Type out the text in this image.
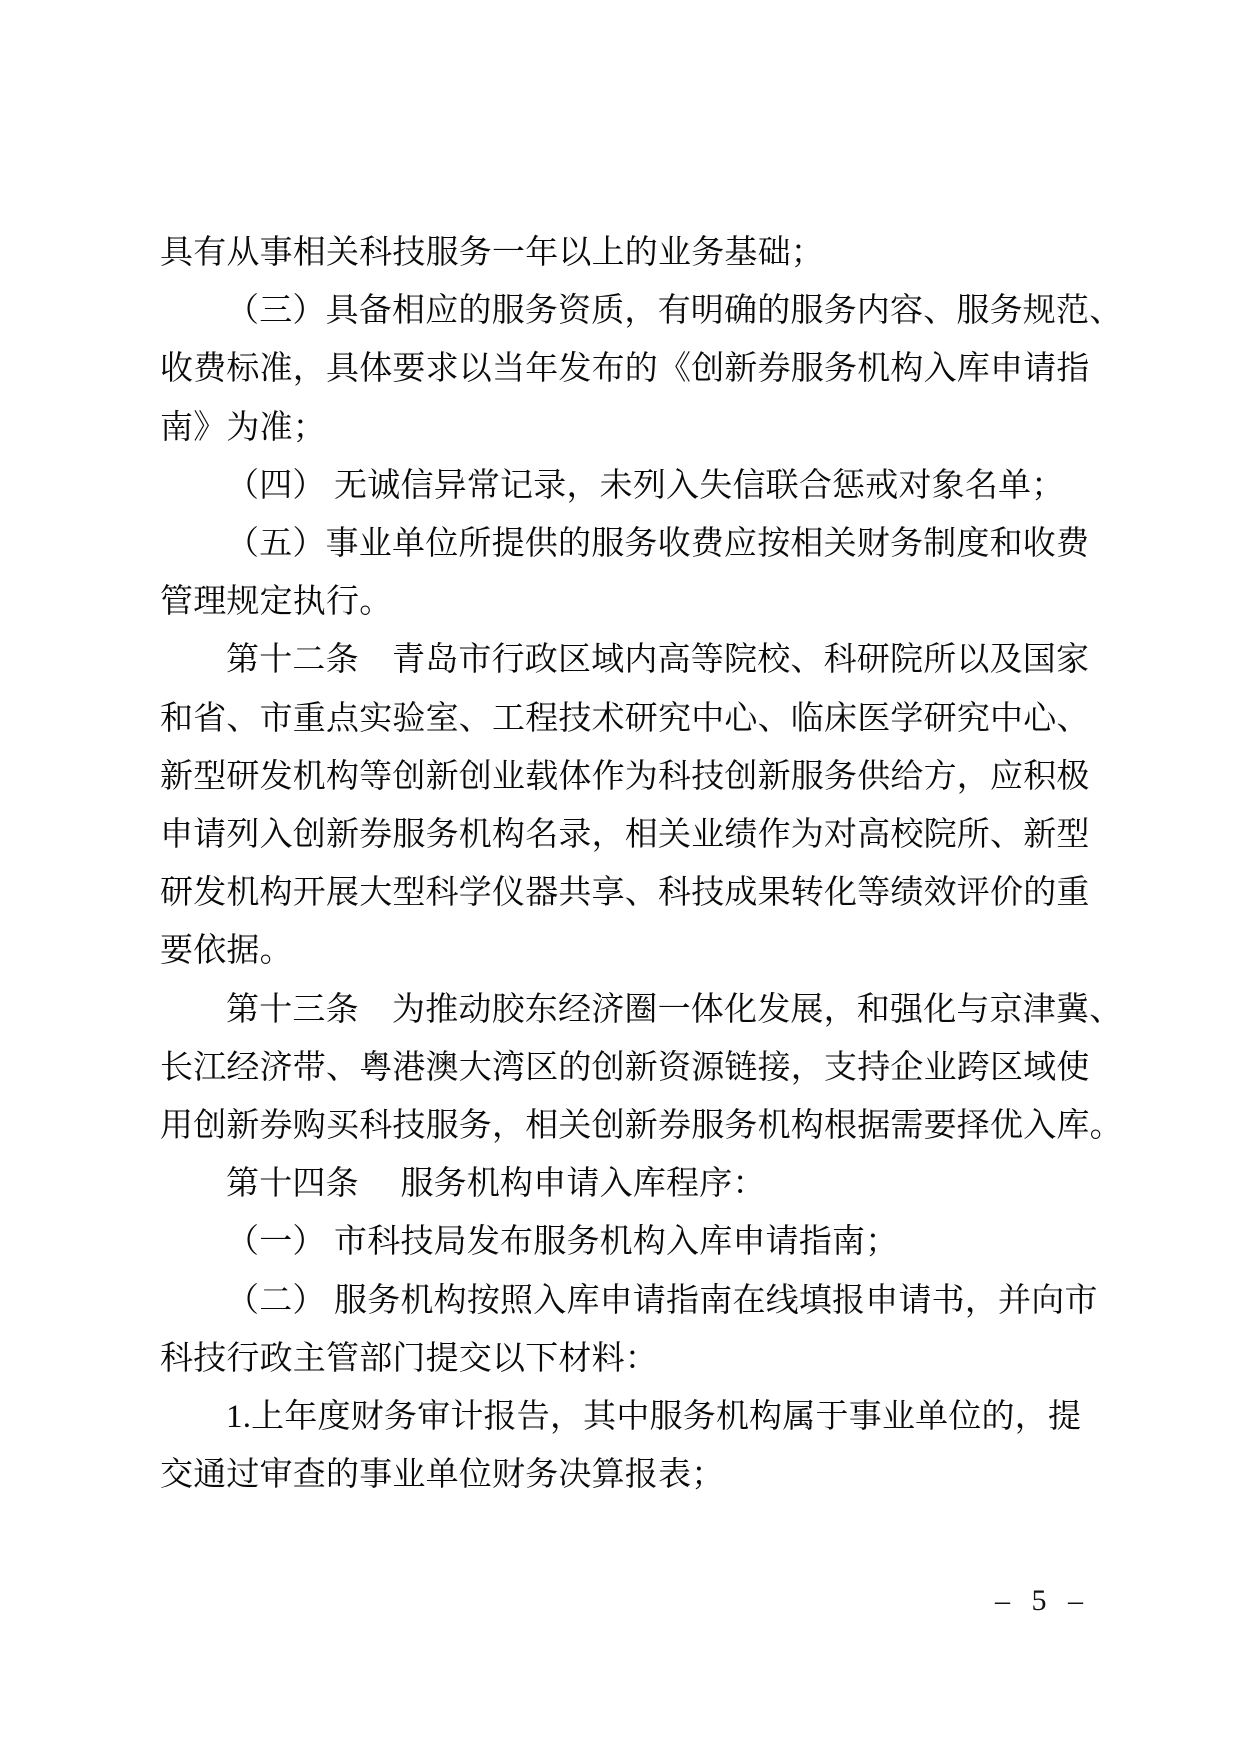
具有从事相关科技服务一年以上的业务基础；
（三）具备相应的服务资质，有明确的服务内容、服务规范、
收费标准，具体要求以当年发布的《创新券服务机构入库申请指
南》为准；
（四） 无诚信异常记录，未列入失信联合惩戒对象名单；
（五）事业单位所提供的服务收费应按相关财务制度和收费
管理规定执行。
第十二条　青岛市行政区域内高等院校、科研院所以及国家
和省、市重点实验室、工程技术研究中心、临床医学研究中心、
新型研发机构等创新创业载体作为科技创新服务供给方，应积极
申请列入创新券服务机构名录，相关业绩作为对高校院所、新型
研发机构开展大型科学仪器共享、科技成果转化等绩效评价的重
要依据。
第十三条　为推动胶东经济圈一体化发展，和强化与京津冀、
长江经济带、粤港澳大湾区的创新资源链接，支持企业跨区域使
用创新券购买科技服务，相关创新券服务机构根据需要择优入库。
第十四条　 服务机构申请入库程序：
（一） 市科技局发布服务机构入库申请指南；
（二） 服务机构按照入库申请指南在线填报申请书，并向市
科技行政主管部门提交以下材料：
1.上年度财务审计报告，其中服务机构属于事业单位的，提
交通过审查的事业单位财务决算报表；
– 5 –
